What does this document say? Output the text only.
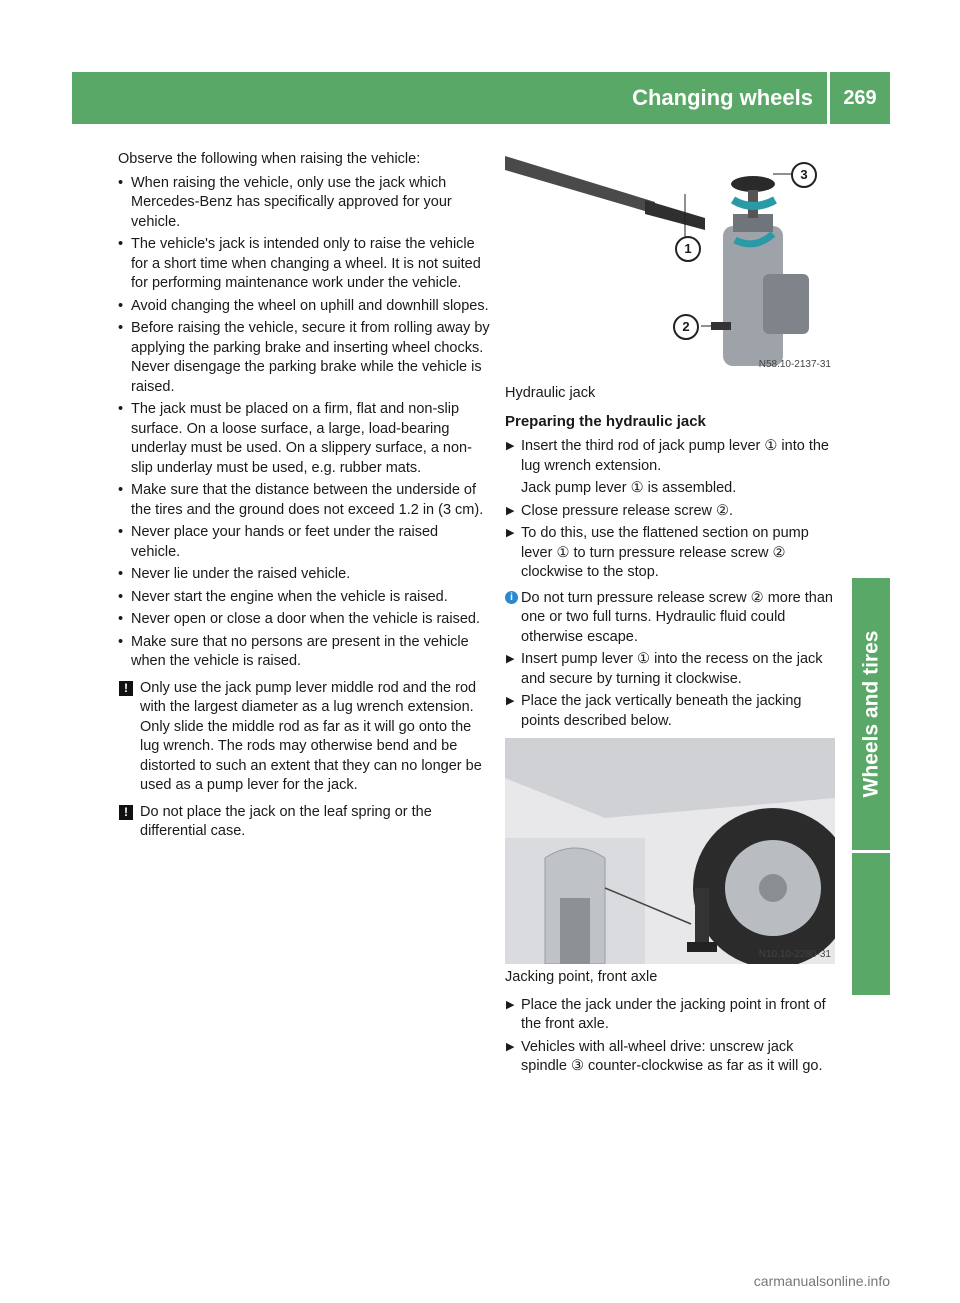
Changing wheels	269
Wheels and tires

Observe the following when raising the vehicle:

• When raising the vehicle, only use the jack which Mercedes-Benz has specifically approved for your vehicle.
• The vehicle's jack is intended only to raise the vehicle for a short time when changing a wheel. It is not suited for performing maintenance work under the vehicle.
• Avoid changing the wheel on uphill and downhill slopes.
• Before raising the vehicle, secure it from rolling away by applying the parking brake and inserting wheel chocks. Never disengage the parking brake while the vehicle is raised.
• The jack must be placed on a firm, flat and non-slip surface. On a loose surface, a large, load-bearing underlay must be used. On a slippery surface, a non-slip underlay must be used, e.g. rubber mats.
• Make sure that the distance between the underside of the tires and the ground does not exceed 1.2 in (3 cm).
• Never place your hands or feet under the raised vehicle.
• Never lie under the raised vehicle.
• Never start the engine when the vehicle is raised.
• Never open or close a door when the vehicle is raised.
• Make sure that no persons are present in the vehicle when the vehicle is raised.
! Only use the jack pump lever middle rod and the rod with the largest diameter as a lug wrench extension. Only slide the middle rod as far as it will go onto the lug wrench. The rods may otherwise bend and be distorted to such an extent that they can no longer be used as a pump lever for the jack.

! Do not place the jack on the leaf spring or the differential case.

1
2
3
N58.10-2137-31
N10.10-2280-31

Hydraulic jack

Preparing the hydraulic jack

▶ Insert the third rod of jack pump lever ① into the lug wrench extension.

Jack pump lever ① is assembled.

▶ Close pressure release screw ②.

▶ To do this, use the flattened section on pump lever ① to turn pressure release screw ② clockwise to the stop.

i Do not turn pressure release screw ② more than one or two full turns. Hydraulic fluid could otherwise escape.

▶ Insert pump lever ① into the recess on the jack and secure by turning it clockwise.

▶ Place the jack vertically beneath the jacking points described below.

Jacking point, front axle

▶ Place the jack under the jacking point in front of the front axle.

▶ Vehicles with all-wheel drive: unscrew jack spindle ③ counter-clockwise as far as it will go.

carmanualsonline.info
